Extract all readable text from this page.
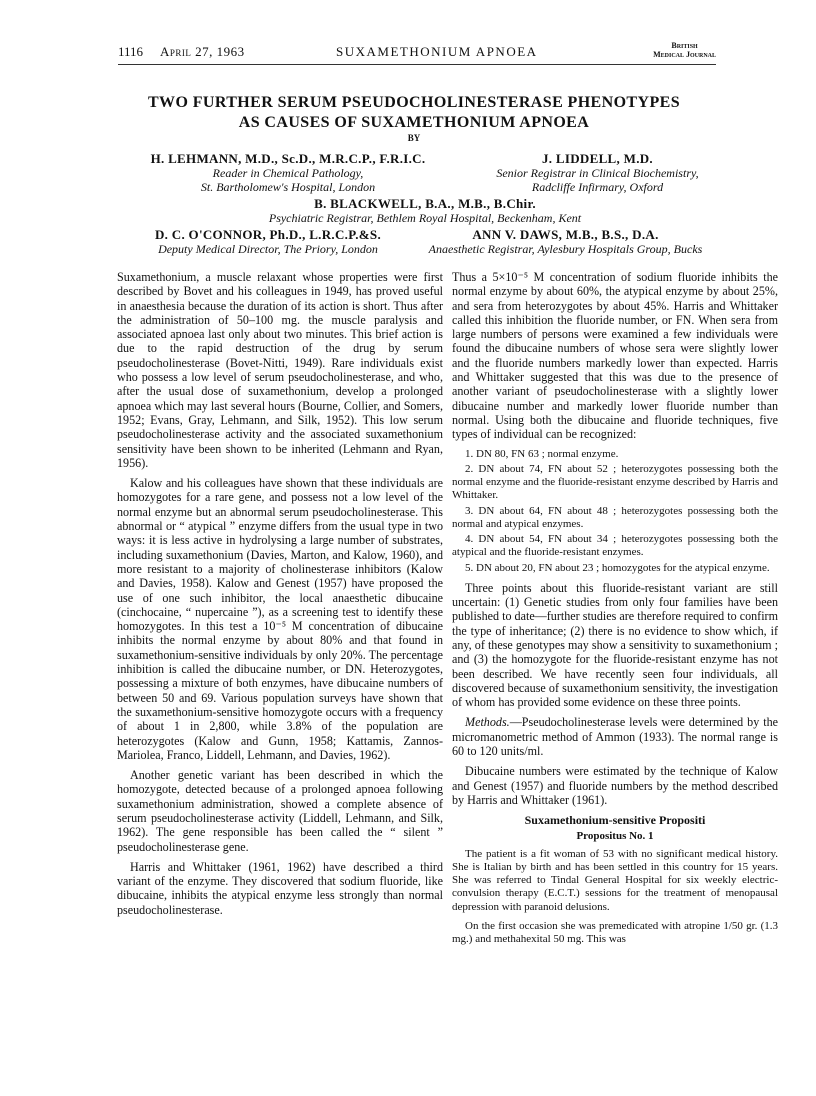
1116 April 27, 1963	SUXAMETHONIUM APNOEA	British
Medical Journal
TWO FURTHER SERUM PSEUDOCHOLINESTERASE PHENOTYPES
AS CAUSES OF SUXAMETHONIUM APNOEA
BY
H. LEHMANN, M.D., Sc.D., M.R.C.P., F.R.I.C.
Reader in Chemical Pathology,
St. Bartholomew's Hospital, London
J. LIDDELL, M.D.
Senior Registrar in Clinical Biochemistry,
Radcliffe Infirmary, Oxford
B. BLACKWELL, B.A., M.B., B.Chir.
Psychiatric Registrar, Bethlem Royal Hospital, Beckenham, Kent
D. C. O'CONNOR, Ph.D., L.R.C.P.&S.
Deputy Medical Director, The Priory, London
ANN V. DAWS, M.B., B.S., D.A.
Anaesthetic Registrar, Aylesbury Hospitals Group, Bucks

Suxamethonium, a muscle relaxant whose properties were first described by Bovet and his colleagues in 1949, has proved useful in anaesthesia because the duration of its action is short. Thus after the administration of 50–100 mg. the muscle paralysis and associated apnoea last only about two minutes. This brief action is due to the rapid destruction of the drug by serum pseudocholinesterase (Bovet-Nitti, 1949). Rare individuals exist who possess a low level of serum pseudocholinesterase, and who, after the usual dose of suxamethonium, develop a prolonged apnoea which may last several hours (Bourne, Collier, and Somers, 1952; Evans, Gray, Lehmann, and Silk, 1952). This low serum pseudocholinesterase activity and the associated suxamethonium sensitivity have been shown to be inherited (Lehmann and Ryan, 1956).

Kalow and his colleagues have shown that these individuals are homozygotes for a rare gene, and possess not a low level of the normal enzyme but an abnormal serum pseudocholinesterase. This abnormal or “ atypical ” enzyme differs from the usual type in two ways: it is less active in hydrolysing a large number of substrates, including suxamethonium (Davies, Marton, and Kalow, 1960), and more resistant to a majority of cholinesterase inhibitors (Kalow and Davies, 1958). Kalow and Genest (1957) have proposed the use of one such inhibitor, the local anaesthetic dibucaine (cinchocaine, “ nupercaine ”), as a screening test to identify these homozygotes. In this test a 10⁻⁵ M concentration of dibucaine inhibits the normal enzyme by about 80% and that found in suxamethonium-sensitive individuals by only 20%. The percentage inhibition is called the dibucaine number, or DN. Heterozygotes, possessing a mixture of both enzymes, have dibucaine numbers of between 50 and 69. Various population surveys have shown that the suxamethonium-sensitive homozygote occurs with a frequency of about 1 in 2,800, while 3.8% of the population are heterozygotes (Kalow and Gunn, 1958; Kattamis, Zannos-Mariolea, Franco, Liddell, Lehmann, and Davies, 1962).

Another genetic variant has been described in which the homozygote, detected because of a prolonged apnoea following suxamethonium administration, showed a complete absence of serum pseudocholinesterase activity (Liddell, Lehmann, and Silk, 1962). The gene responsible has been called the “ silent ” pseudocholinesterase gene.

Harris and Whittaker (1961, 1962) have described a third variant of the enzyme. They discovered that sodium fluoride, like dibucaine, inhibits the atypical enzyme less strongly than normal pseudocholinesterase.

Thus a 5×10⁻⁵ M concentration of sodium fluoride inhibits the normal enzyme by about 60%, the atypical enzyme by about 25%, and sera from heterozygotes by about 45%. Harris and Whittaker called this inhibition the fluoride number, or FN. When sera from large numbers of persons were examined a few individuals were found the dibucaine numbers of whose sera were slightly lower and the fluoride numbers markedly lower than expected. Harris and Whittaker suggested that this was due to the presence of another variant of pseudocholinesterase with a slightly lower dibucaine number and markedly lower fluoride number than normal. Using both the dibucaine and fluoride techniques, five types of individual can be recognized:

1. DN 80, FN 63 ; normal enzyme.
2. DN about 74, FN about 52 ; heterozygotes possessing both the normal enzyme and the fluoride-resistant enzyme described by Harris and Whittaker.
3. DN about 64, FN about 48 ; heterozygotes possessing both the normal and atypical enzymes.
4. DN about 54, FN about 34 ; heterozygotes possessing both the atypical and the fluoride-resistant enzymes.
5. DN about 20, FN about 23 ; homozygotes for the atypical enzyme.

Three points about this fluoride-resistant variant are still uncertain: (1) Genetic studies from only four families have been published to date—further studies are therefore required to confirm the type of inheritance; (2) there is no evidence to show which, if any, of these genotypes may show a sensitivity to suxamethonium ; and (3) the homozygote for the fluoride-resistant enzyme has not been described. We have recently seen four individuals, all discovered because of suxamethonium sensitivity, the investigation of whom has provided some evidence on these three points.

Methods.—Pseudocholinesterase levels were determined by the micromanometric method of Ammon (1933). The normal range is 60 to 120 units/ml.

Dibucaine numbers were estimated by the technique of Kalow and Genest (1957) and fluoride numbers by the method described by Harris and Whittaker (1961).

Suxamethonium-sensitive Propositi
Propositus No. 1

The patient is a fit woman of 53 with no significant medical history. She is Italian by birth and has been settled in this country for 15 years. She was referred to Tindal General Hospital for six weekly electric-convulsion therapy (E.C.T.) sessions for the treatment of menopausal depression with paranoid delusions.

On the first occasion she was premedicated with atropine 1/50 gr. (1.3 mg.) and methahexital 50 mg. This was
